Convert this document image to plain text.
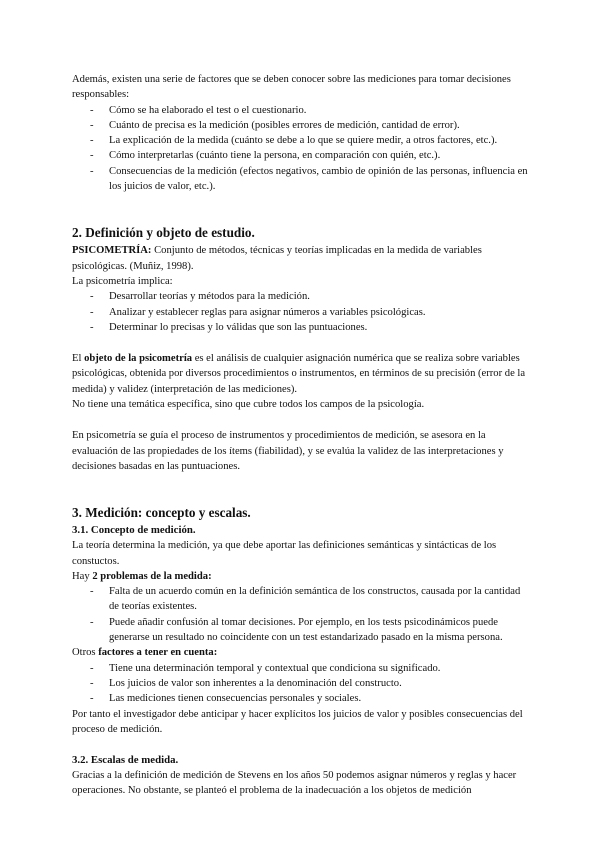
Además, existen una serie de factores que se deben conocer sobre las mediciones para tomar decisiones responsables:

- Cómo se ha elaborado el test o el cuestionario.
- Cuánto de precisa es la medición (posibles errores de medición, cantidad de error).
- La explicación de la medida (cuánto se debe a lo que se quiere medir, a otros factores, etc.).
- Cómo interpretarlas (cuánto tiene la persona, en comparación con quién, etc.).
- Consecuencias de la medición (efectos negativos, cambio de opinión de las personas, influencia en los juicios de valor, etc.).
2. Definición y objeto de estudio.

PSICOMETRÍA: Conjunto de métodos, técnicas y teorías implicadas en la medida de variables psicológicas. (Muñiz, 1998).

La psicometría implica:

- Desarrollar teorías y métodos para la medición.
- Analizar y establecer reglas para asignar números a variables psicológicas.
- Determinar lo precisas y lo válidas que son las puntuaciones.

El objeto de la psicometría es el análisis de cualquier asignación numérica que se realiza sobre variables psicológicas, obtenida por diversos procedimientos o instrumentos, en términos de su precisión (error de la medida) y validez (interpretación de las mediciones).

No tiene una temática específica, sino que cubre todos los campos de la psicología.

En psicometría se guía el proceso de instrumentos y procedimientos de medición, se asesora en la evaluación de las propiedades de los ítems (fiabilidad), y se evalúa la validez de las interpretaciones y decisiones basadas en las puntuaciones.

3. Medición: concepto y escalas.
3.1. Concepto de medición.

La teoría determina la medición, ya que debe aportar las definiciones semánticas y sintácticas de los constuctos.

Hay 2 problemas de la medida:

- Falta de un acuerdo común en la definición semántica de los constructos, causada por la cantidad de teorías existentes.
- Puede añadir confusión al tomar decisiones. Por ejemplo, en los tests psicodinámicos puede generarse un resultado no coincidente con un test estandarizado pasado en la misma persona.

Otros factores a tener en cuenta:

- Tiene una determinación temporal y contextual que condiciona su significado.
- Los juicios de valor son inherentes a la denominación del constructo.
- Las mediciones tienen consecuencias personales y sociales.

Por tanto el investigador debe anticipar y hacer explícitos los juicios de valor y posibles consecuencias del proceso de medición.

3.2. Escalas de medida.

Gracias a la definición de medición de Stevens en los años 50 podemos asignar números y reglas y hacer operaciones. No obstante, se planteó el problema de la inadecuación a los objetos de medición
